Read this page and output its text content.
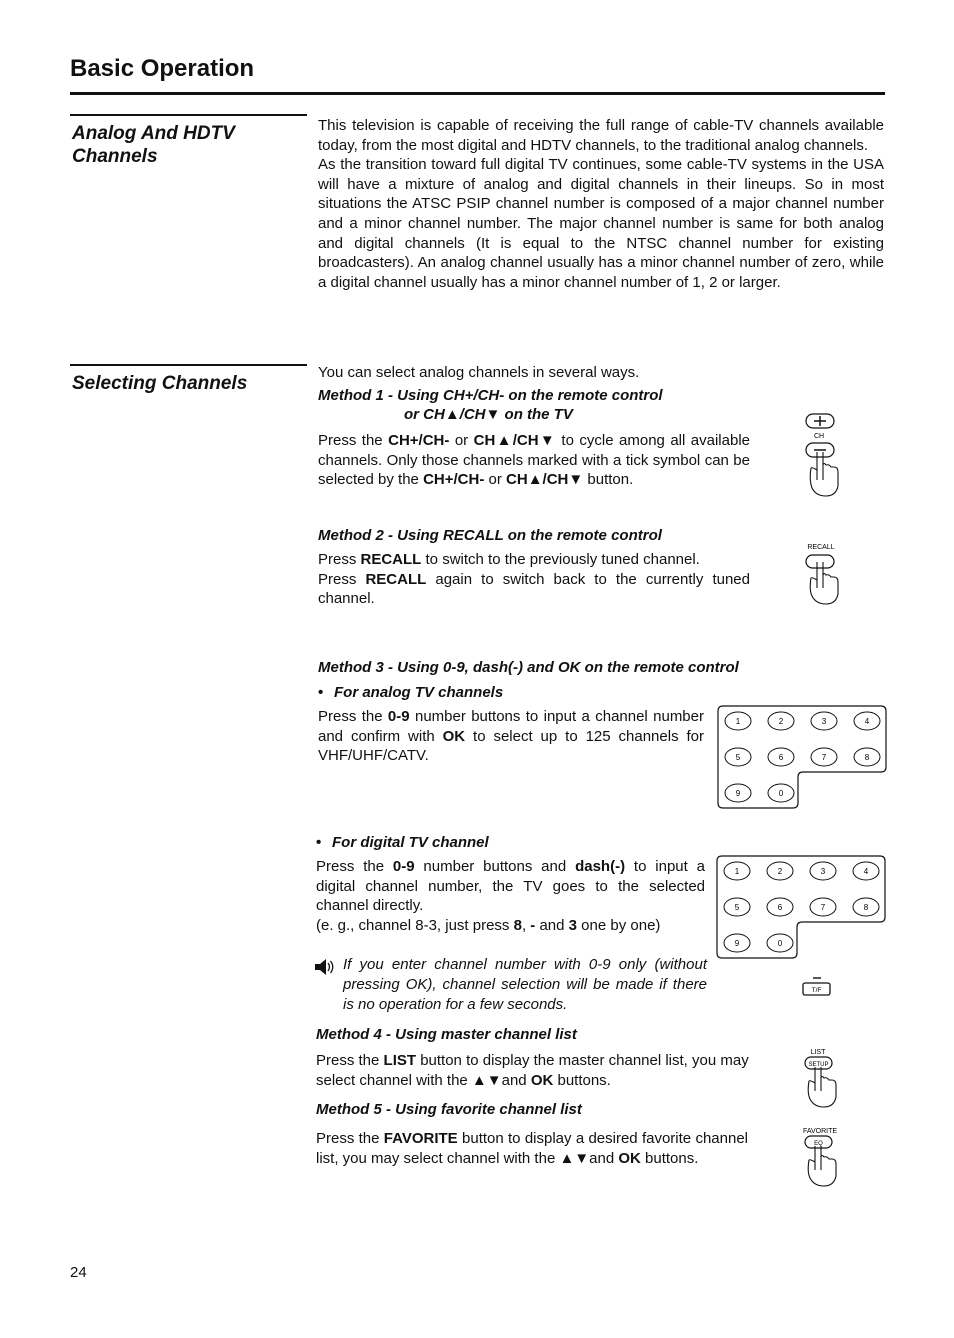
Basic Operation
Analog And HDTV Channels

This television is capable of receiving the full range of cable-TV channels available today, from the most digital and HDTV channels, to the traditional analog channels.

As the transition toward full digital TV continues, some cable-TV systems in the USA will have a mixture of analog and digital channels in their lineups. So in most situations the ATSC PSIP channel number is composed of a major channel number and a minor channel number. The major channel number is same for both analog and digital channels (It is equal to the NTSC channel number for existing broadcasters). An analog channel usually has a minor channel number of zero, while a digital channel usually has a minor channel number of 1, 2 or larger.

Selecting Channels
You can select analog channels in several ways.
Method 1 - Using CH+/CH- on the remote control
or CH▲/CH▼ on the TV
Press the CH+/CH- or CH▲/CH▼ to cycle among all available channels. Only those channels marked with a tick symbol can be selected by the CH+/CH- or CH▲/CH▼ button.
CH
Method 2 - Using RECALL on the remote control

Press RECALL to switch to the previously tuned channel.

Press RECALL again to switch back to the currently tuned channel.

RECALL
Method 3 - Using 0-9, dash(-) and OK on the remote control
• For analog TV channels
Press the 0-9 number buttons to input a channel number and confirm with OK to select up to 125 channels for VHF/UHF/CATV.
1	2	3	4
5	6	7	8
9	0
• For digital TV channel

Press the 0-9 number buttons and dash(-) to input a digital channel number, the TV goes to the selected channel directly.

(e. g., channel 8-3, just press 8, - and 3 one by one)

1	2	3	4
5	6	7	8
9	0
If you enter channel number with 0-9 only (without pressing OK), channel selection will be made if there is no operation for a few seconds.
T/F
Method 4 - Using master channel list
Press the LIST button to display the master channel list, you may select channel with the ▲▼and OK buttons.
LIST
SETUP
Method 5 - Using favorite channel list
Press the FAVORITE button to display a desired favorite channel list, you may select channel with the ▲▼and OK buttons.
FAVORITE
EQ
24
